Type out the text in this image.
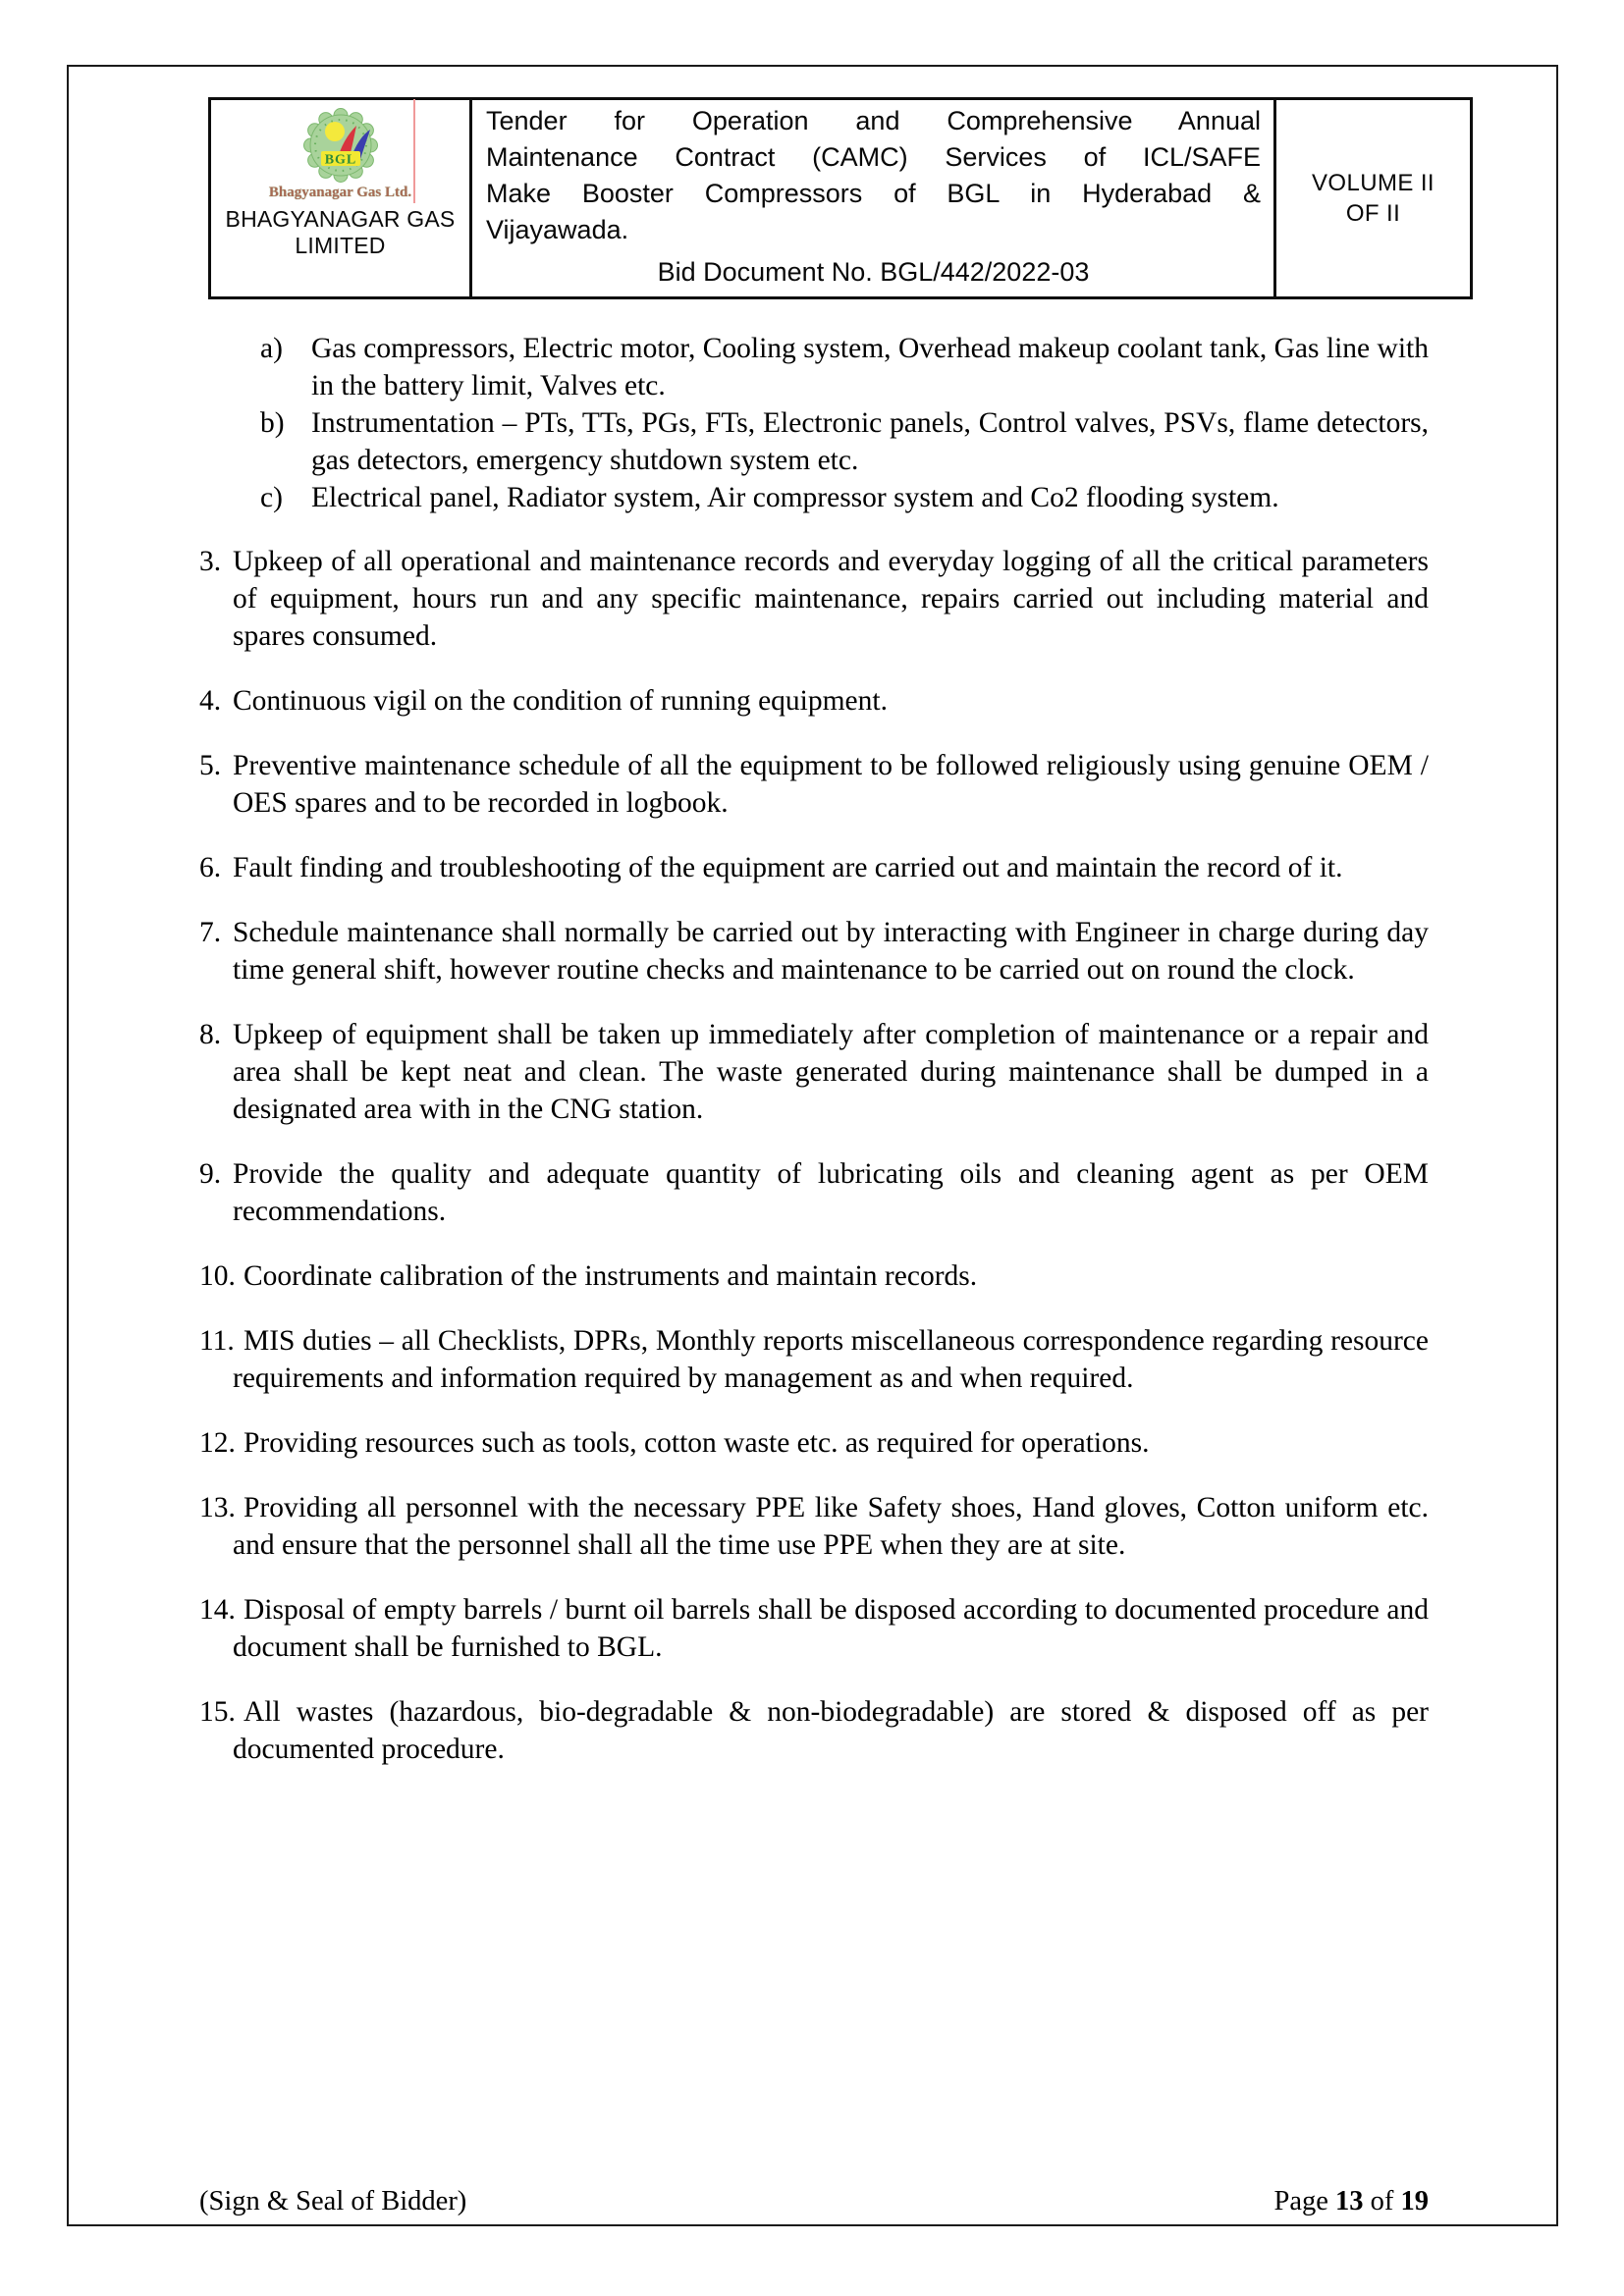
BGL
Bhagyanagar Gas Ltd.
BHAGYANAGAR GAS
LIMITED
Tender for Operation and Comprehensive Annual
Maintenance Contract (CAMC) Services of ICL/SAFE
Make Booster Compressors of BGL in Hyderabad &
Vijayawada.
Bid Document No. BGL/442/2022-03
VOLUME II
OF II

a) Gas compressors, Electric motor, Cooling system, Overhead makeup coolant tank, Gas line with in the battery limit, Valves etc.

b) Instrumentation – PTs, TTs, PGs, FTs, Electronic panels, Control valves, PSVs, flame detectors, gas detectors, emergency shutdown system etc.

c) Electrical panel, Radiator system, Air compressor system and Co2 flooding system.

3. Upkeep of all operational and maintenance records and everyday logging of all the critical parameters of equipment, hours run and any specific maintenance, repairs carried out including material and spares consumed.

4. Continuous vigil on the condition of running equipment.

5. Preventive maintenance schedule of all the equipment to be followed religiously using genuine OEM / OES spares and to be recorded in logbook.

6. Fault finding and troubleshooting of the equipment are carried out and maintain the record of it.

7. Schedule maintenance shall normally be carried out by interacting with Engineer in charge during day time general shift, however routine checks and maintenance to be carried out on round the clock.

8. Upkeep of equipment shall be taken up immediately after completion of maintenance or a repair and area shall be kept neat and clean. The waste generated during maintenance shall be dumped in a designated area with in the CNG station.

9. Provide the quality and adequate quantity of lubricating oils and cleaning agent as per OEM recommendations.

10. Coordinate calibration of the instruments and maintain records.

11. MIS duties – all Checklists, DPRs, Monthly reports miscellaneous correspondence regarding resource requirements and information required by management as and when required.

12. Providing resources such as tools, cotton waste etc. as required for operations.

13. Providing all personnel with the necessary PPE like Safety shoes, Hand gloves, Cotton uniform etc. and ensure that the personnel shall all the time use PPE when they are at site.

14. Disposal of empty barrels / burnt oil barrels shall be disposed according to documented procedure and document shall be furnished to BGL.

15. All wastes (hazardous, bio-degradable & non-biodegradable) are stored & disposed off as per documented procedure.

(Sign & Seal of Bidder)	Page 13 of 19
